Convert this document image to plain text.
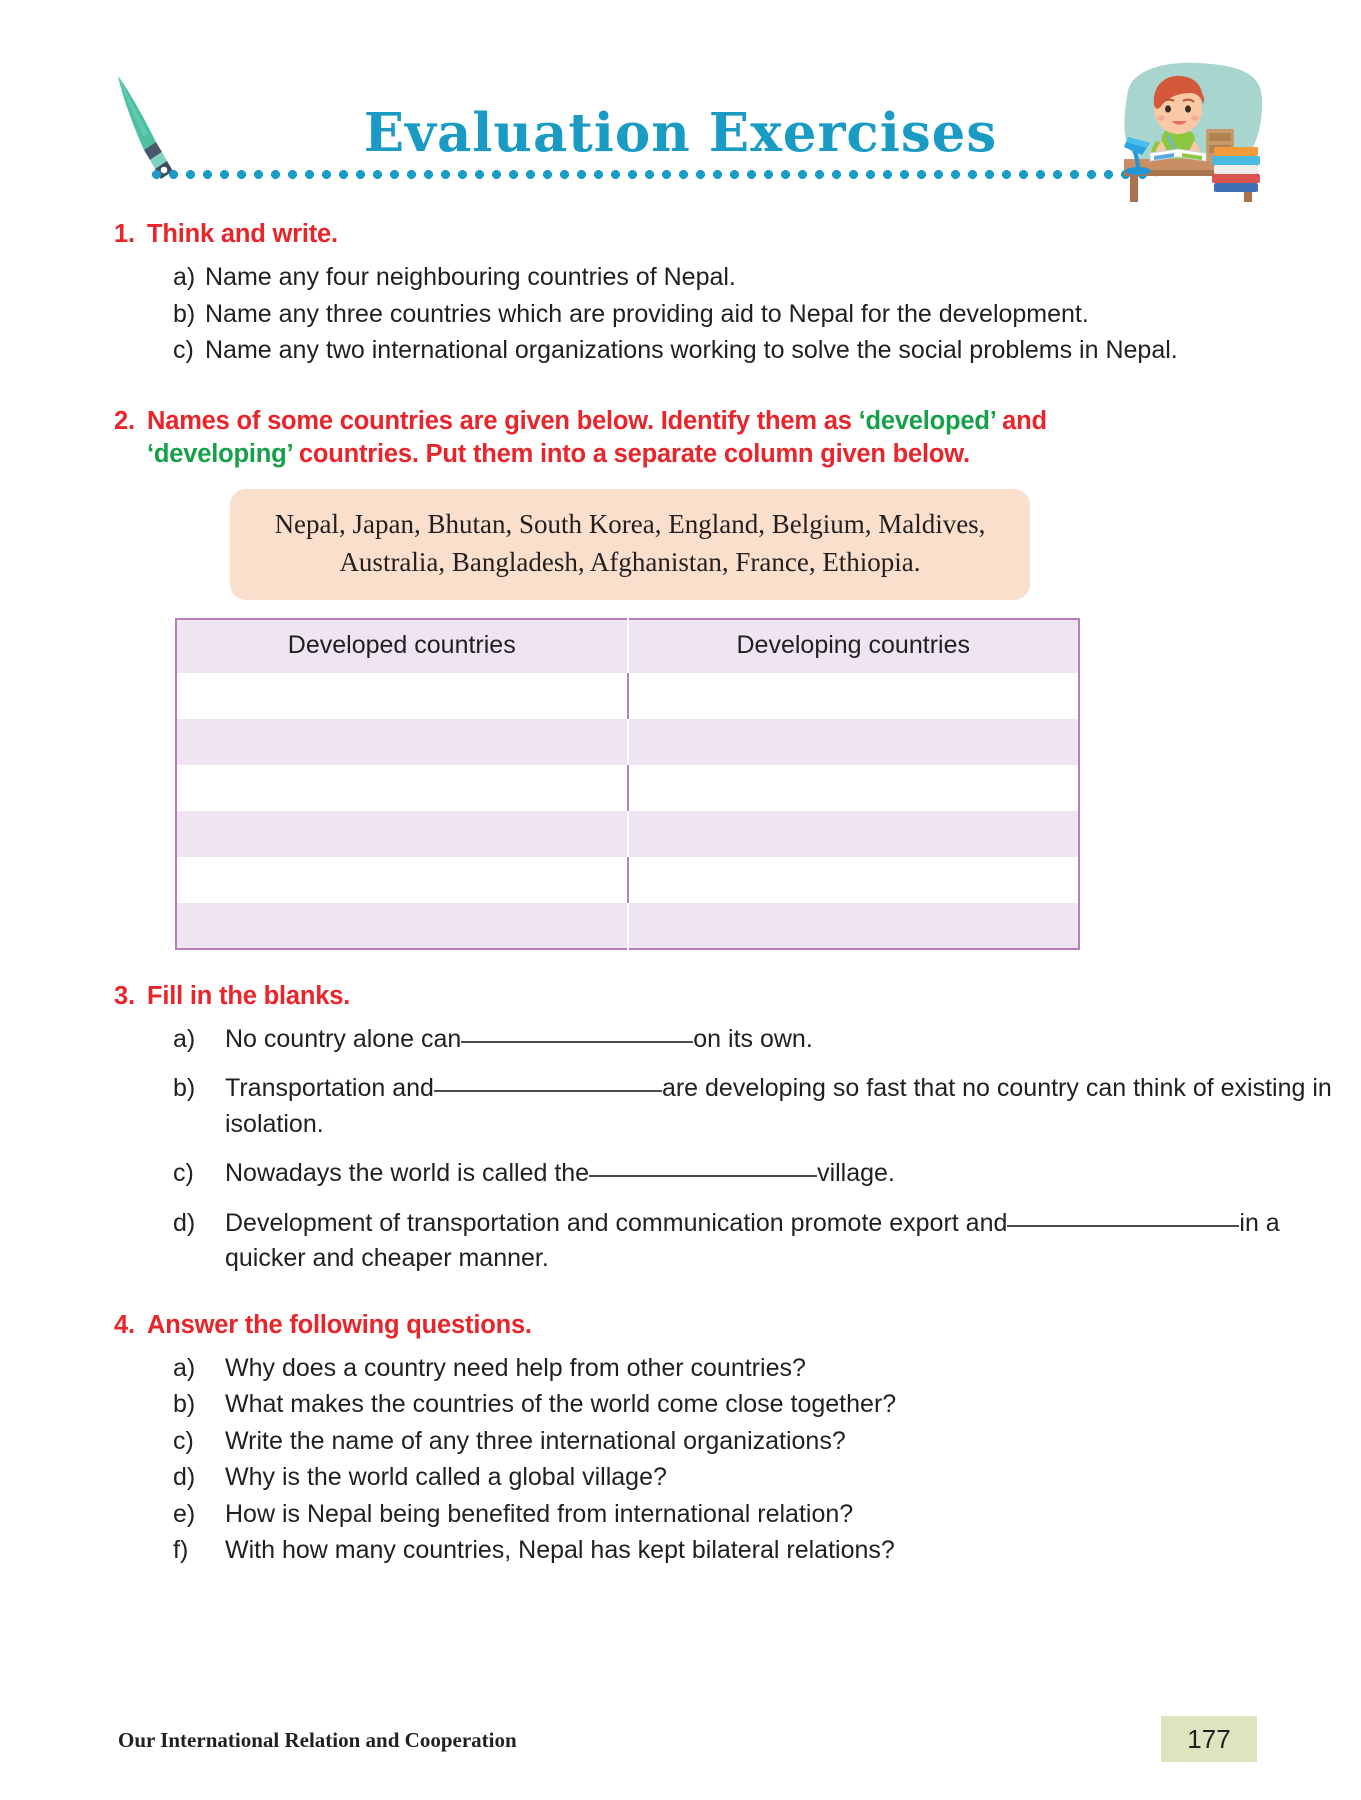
Evaluation Exercises
1. Think and write.
a) Name any four neighbouring countries of Nepal.
b) Name any three countries which are providing aid to Nepal for the development.
c) Name any two international organizations working to solve the social problems in Nepal.
2. Names of some countries are given below. Identify them as ‘developed’ and ‘developing’ countries. Put them into a separate column given below.
Nepal, Japan, Bhutan, South Korea, England, Belgium, Maldives,
Australia, Bangladesh, Afghanistan, France, Ethiopia.
Developed countries	Developing countries

3. Fill in the blanks.
a)	No country alone can	on its own.
b)	Transportation and	are developing so fast that no country can think of existing in isolation.
c)	Nowadays the world is called the	village.
d)	Development of transportation and communication promote export and	in a quicker and cheaper manner.
4. Answer the following questions.
a)	Why does a country need help from other countries?
b)	What makes the countries of the world come close together?
c)	Write the name of any three international organizations?
d)	Why is the world called a global village?
e)	How is Nepal being benefited from international relation?
f)	With how many countries, Nepal has kept bilateral relations?
Our International Relation and Cooperation	177
